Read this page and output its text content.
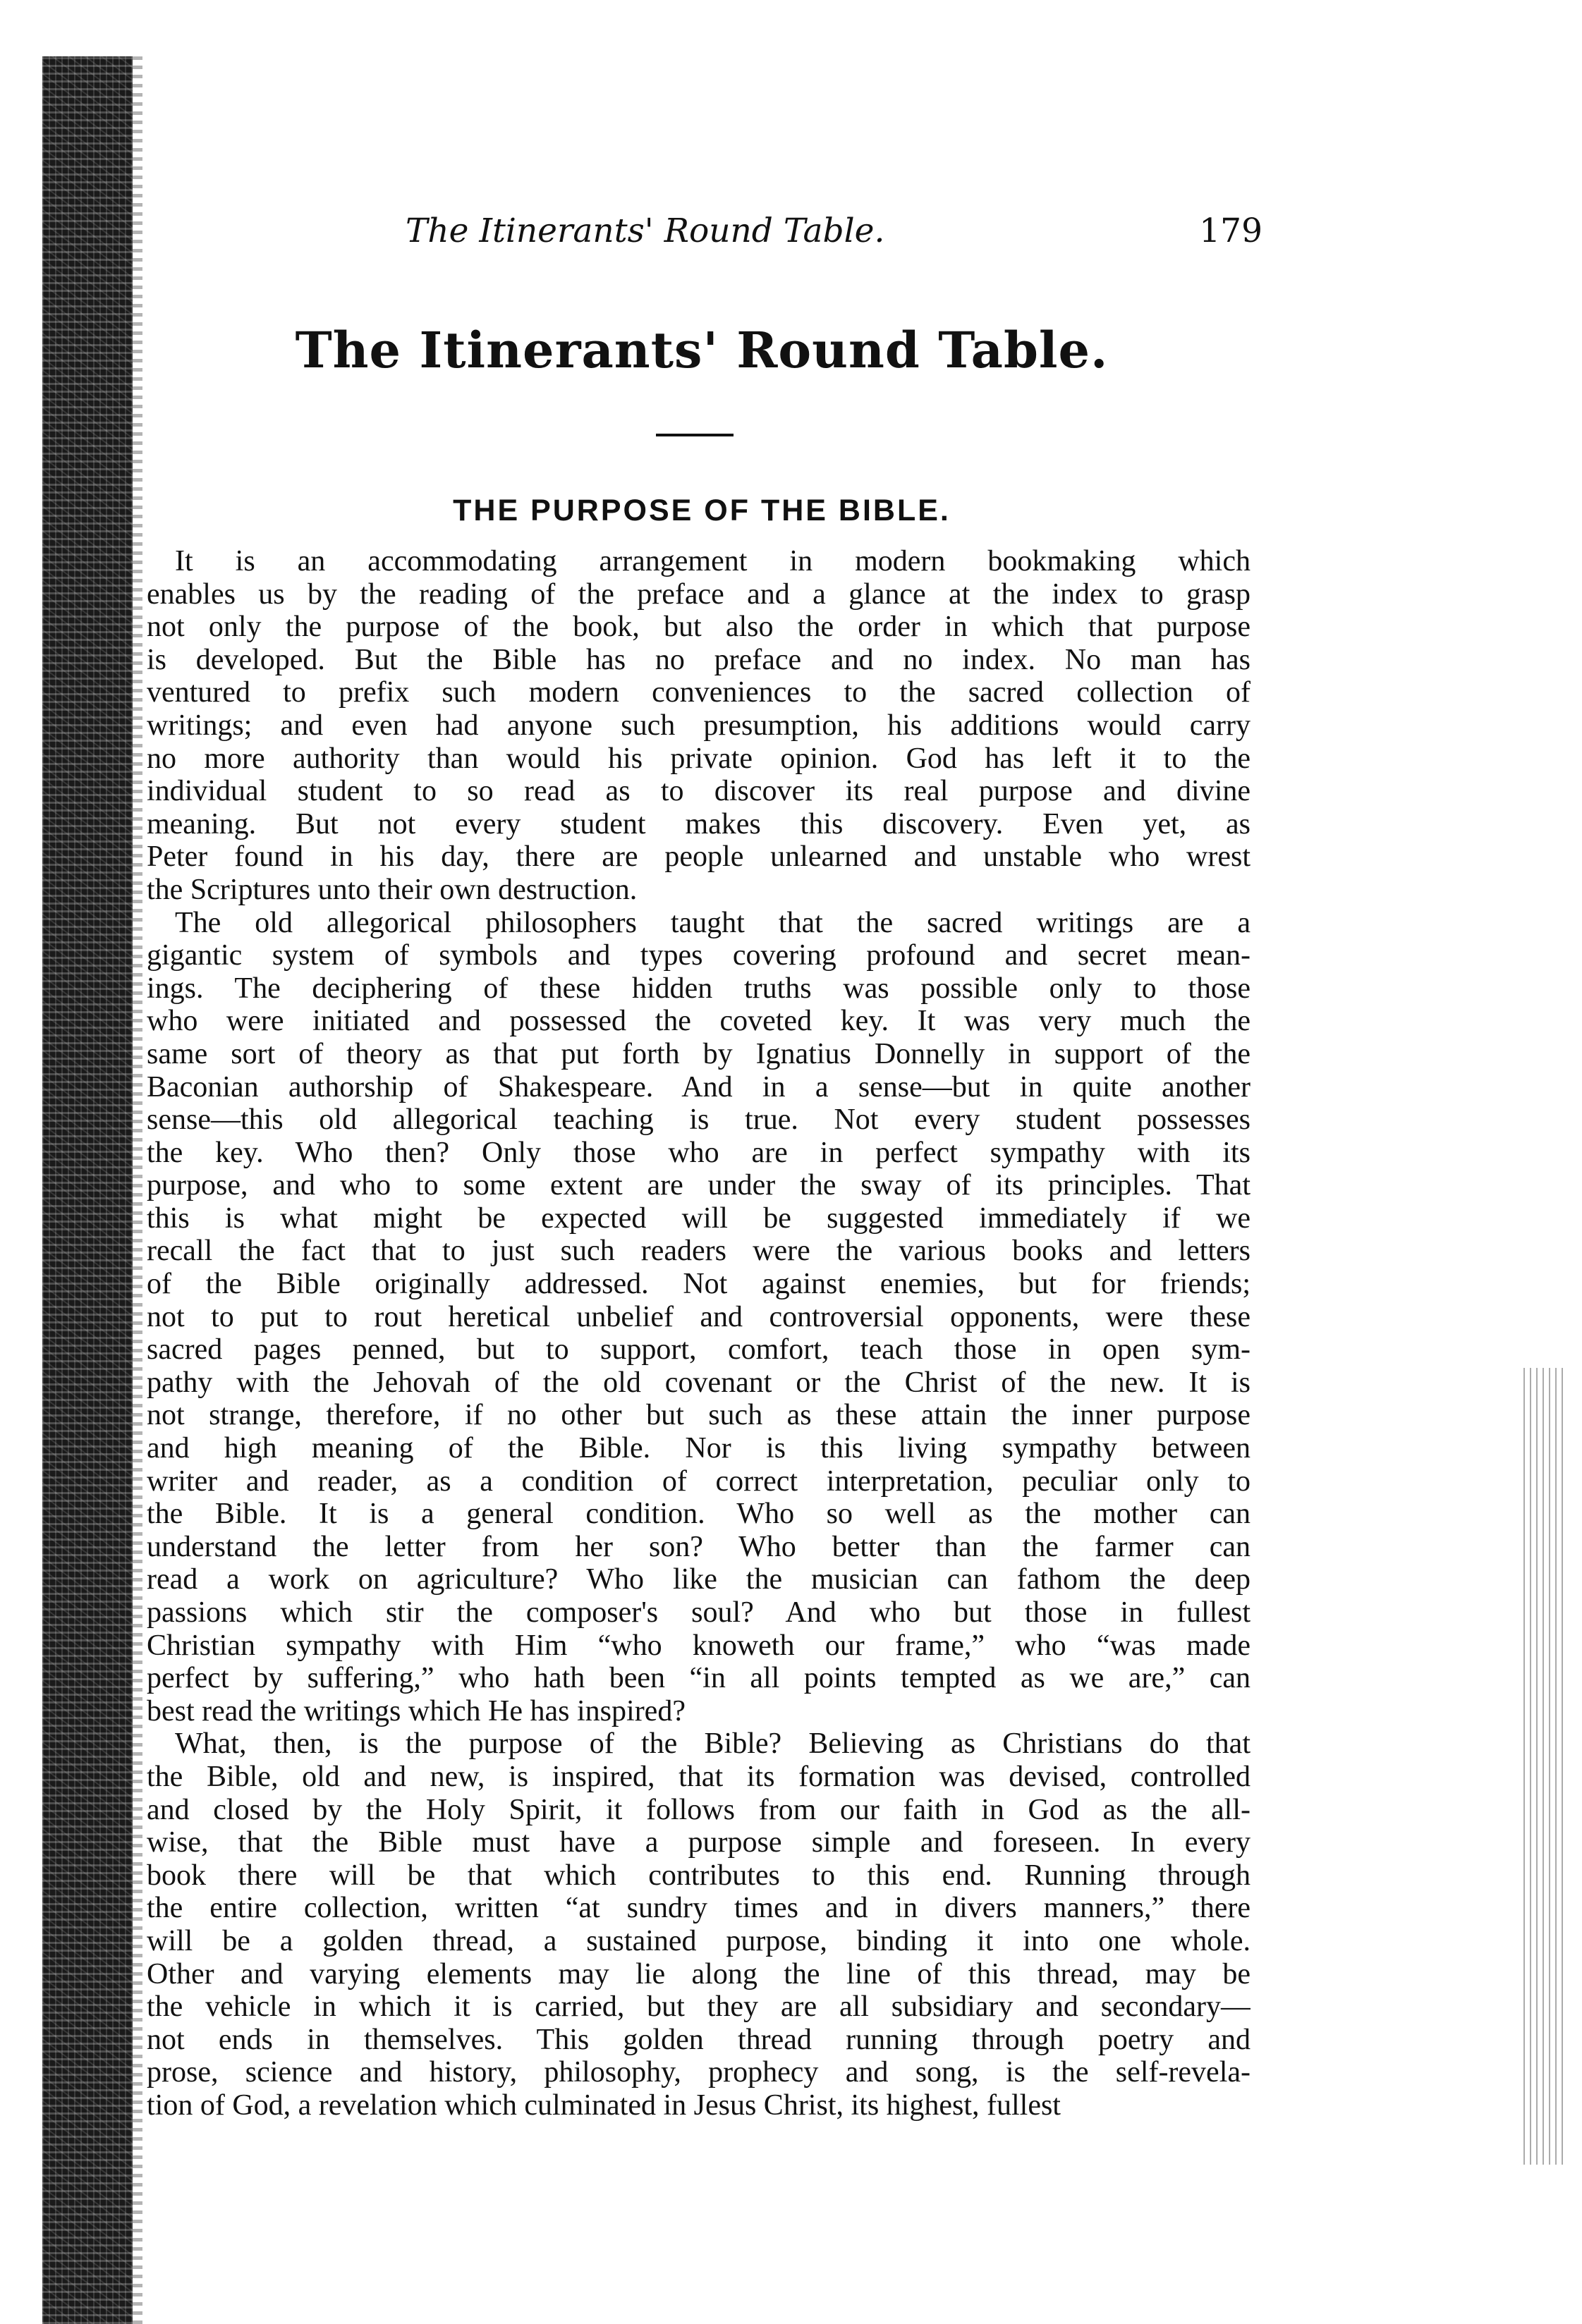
The Itinerants' Round Table.	179
The Itinerants' Round Table.
THE PURPOSE OF THE BIBLE.
It is an accommodating arrangement in modern bookmaking which
enables us by the reading of the preface and a glance at the index to grasp
not only the purpose of the book, but also the order in which that purpose
is developed. But the Bible has no preface and no index. No man has
ventured to prefix such modern conveniences to the sacred collection of
writings; and even had anyone such presumption, his additions would carry
no more authority than would his private opinion. God has left it to the
individual student to so read as to discover its real purpose and divine
meaning. But not every student makes this discovery. Even yet, as
Peter found in his day, there are people unlearned and unstable who wrest
the Scriptures unto their own destruction.
The old allegorical philosophers taught that the sacred writings are a
gigantic system of symbols and types covering profound and secret mean-
ings. The deciphering of these hidden truths was possible only to those
who were initiated and possessed the coveted key. It was very much the
same sort of theory as that put forth by Ignatius Donnelly in support of the
Baconian authorship of Shakespeare. And in a sense—but in quite another
sense—this old allegorical teaching is true. Not every student possesses
the key. Who then? Only those who are in perfect sympathy with its
purpose, and who to some extent are under the sway of its principles. That
this is what might be expected will be suggested immediately if we
recall the fact that to just such readers were the various books and letters
of the Bible originally addressed. Not against enemies, but for friends;
not to put to rout heretical unbelief and controversial opponents, were these
sacred pages penned, but to support, comfort, teach those in open sym-
pathy with the Jehovah of the old covenant or the Christ of the new. It is
not strange, therefore, if no other but such as these attain the inner purpose
and high meaning of the Bible. Nor is this living sympathy between
writer and reader, as a condition of correct interpretation, peculiar only to
the Bible. It is a general condition. Who so well as the mother can
understand the letter from her son? Who better than the farmer can
read a work on agriculture? Who like the musician can fathom the deep
passions which stir the composer's soul? And who but those in fullest
Christian sympathy with Him “who knoweth our frame,” who “was made
perfect by suffering,” who hath been “in all points tempted as we are,” can
best read the writings which He has inspired?
What, then, is the purpose of the Bible? Believing as Christians do that
the Bible, old and new, is inspired, that its formation was devised, controlled
and closed by the Holy Spirit, it follows from our faith in God as the all-
wise, that the Bible must have a purpose simple and foreseen. In every
book there will be that which contributes to this end. Running through
the entire collection, written “at sundry times and in divers manners,” there
will be a golden thread, a sustained purpose, binding it into one whole.
Other and varying elements may lie along the line of this thread, may be
the vehicle in which it is carried, but they are all subsidiary and secondary—
not ends in themselves. This golden thread running through poetry and
prose, science and history, philosophy, prophecy and song, is the self-revela-
tion of God, a revelation which culminated in Jesus Christ, its highest, fullest
